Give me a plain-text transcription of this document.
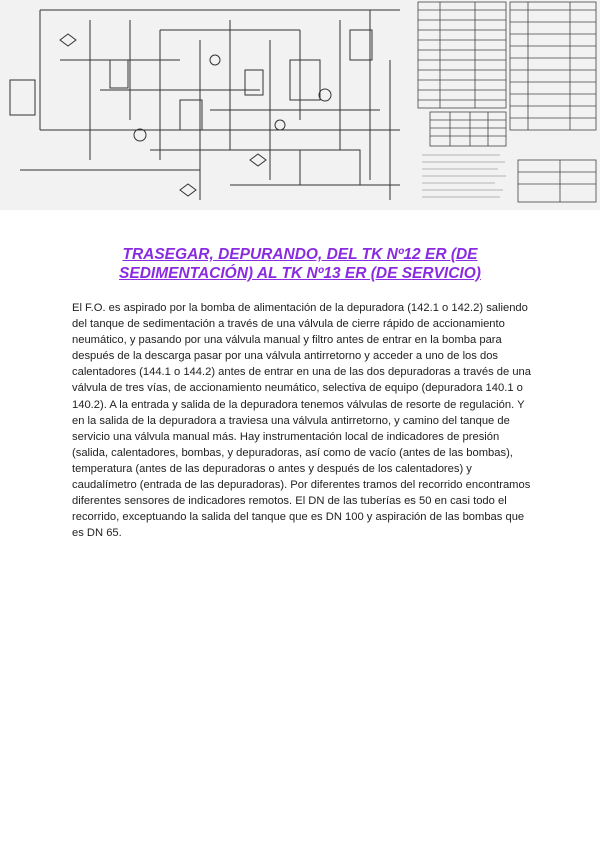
TRASEGAR, DEPURANDO, DEL TK Nº12 ER (DE
SEDIMENTACIÓN) AL TK Nº13 ER (DE SERVICIO)

El F.O. es aspirado por la bomba de alimentación de la depuradora (142.1 o 142.2) saliendo del tanque de sedimentación a través de una válvula de cierre rápido de accionamiento neumático, y pasando por una válvula manual y filtro antes de entrar en la bomba para después de la descarga pasar por una válvula antirretorno y acceder a uno de los dos calentadores (144.1 o 144.2) antes de entrar en una de las dos depuradoras a través de una válvula de tres vías, de accionamiento neumático, selectiva de equipo (depuradora 140.1 o 140.2). A la entrada y salida de la depuradora tenemos válvulas de resorte de regulación. Y en la salida de la depuradora a traviesa una válvula antirretorno, y camino del tanque de servicio una válvula manual más. Hay instrumentación local de indicadores de presión (salida, calentadores, bombas, y depuradoras, así como de vacío (antes de las bombas), temperatura (antes de las depuradoras o antes y después de los calentadores) y caudalímetro (entrada de las depuradoras). Por diferentes tramos del recorrido encontramos diferentes sensores de indicadores remotos. El DN de las tuberías es 50 en casi todo el recorrido, exceptuando la salida del tanque que es DN 100 y aspiración de las bombas que es DN 65.
